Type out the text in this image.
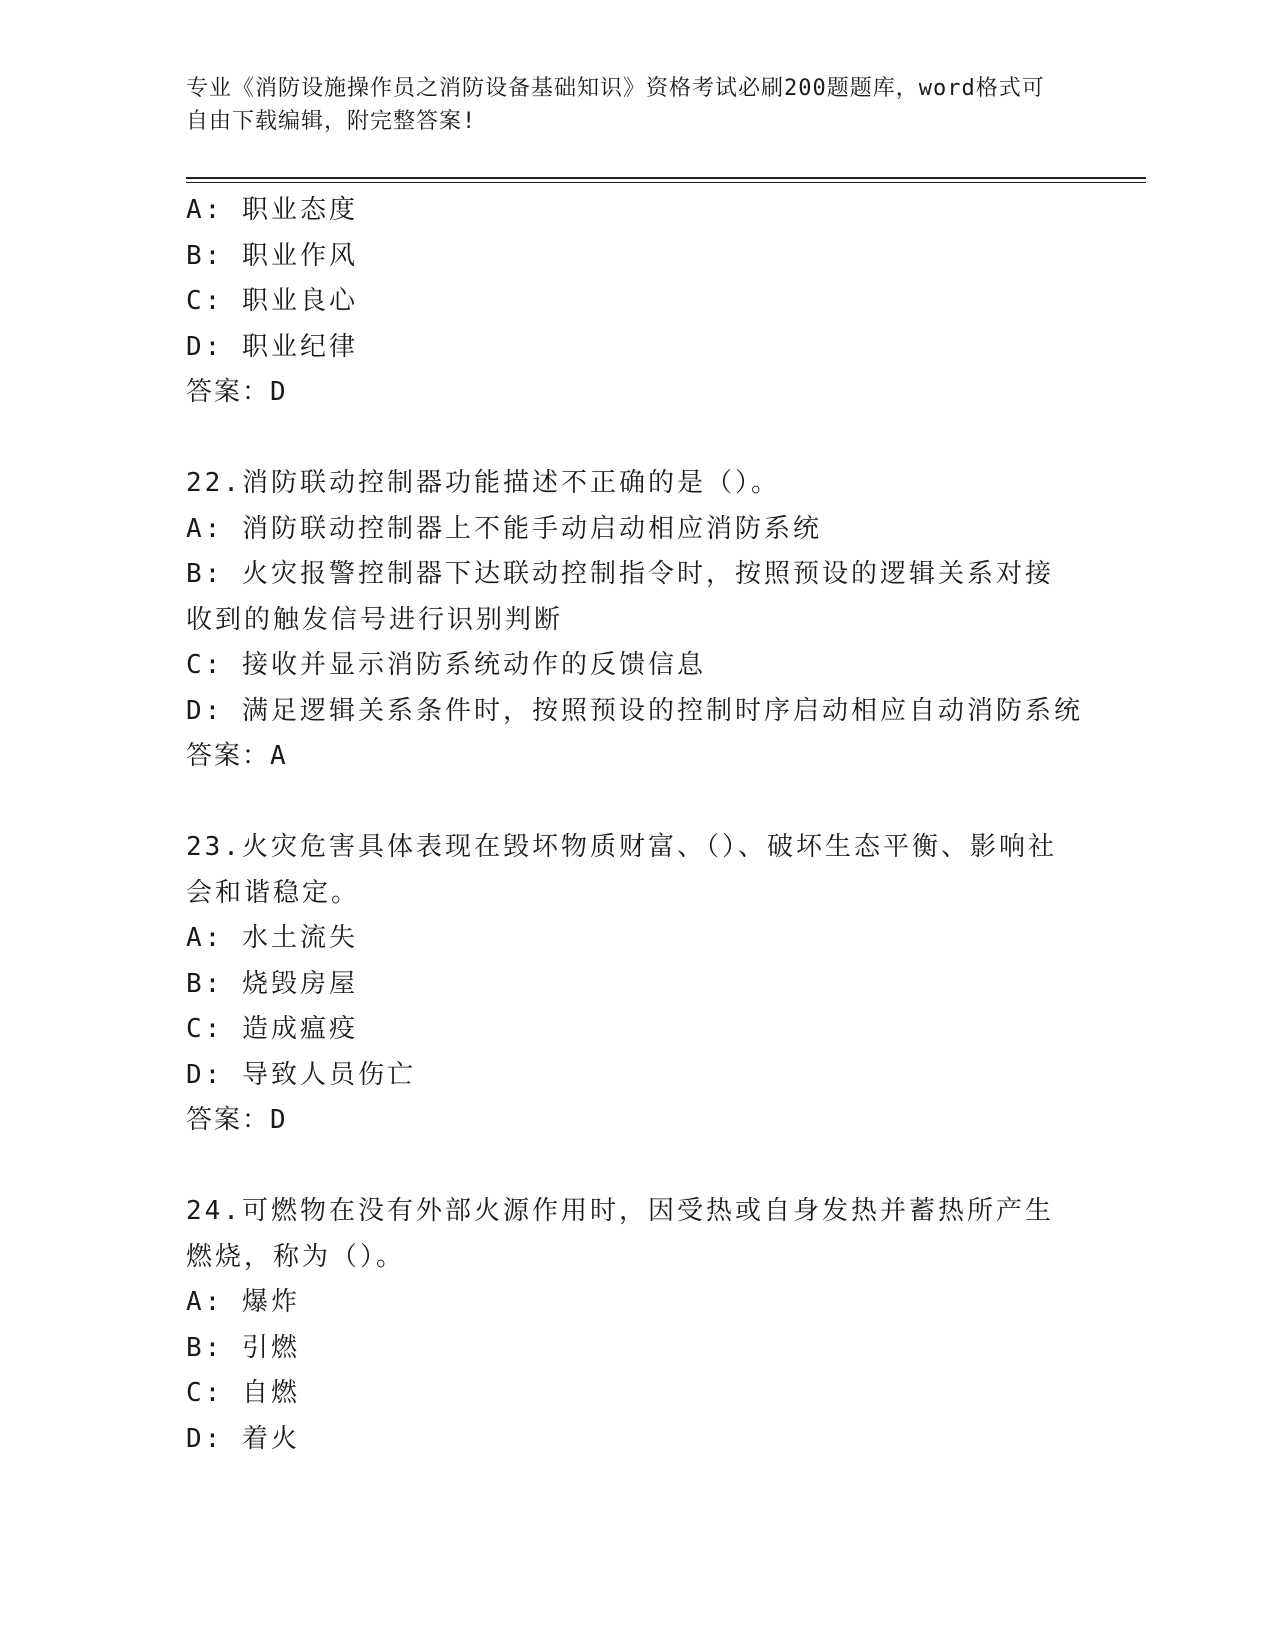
专业《消防设施操作员之消防设备基础知识》资格考试必刷200题题库，word格式可自由下载编辑，附完整答案!
A: 职业态度
B: 职业作风
C: 职业良心
D: 职业纪律
答案：D
22.消防联动控制器功能描述不正确的是（）。
A: 消防联动控制器上不能手动启动相应消防系统
B: 火灾报警控制器下达联动控制指令时，按照预设的逻辑关系对接收到的触发信号进行识别判断
C: 接收并显示消防系统动作的反馈信息
D: 满足逻辑关系条件时，按照预设的控制时序启动相应自动消防系统
答案：A
23.火灾危害具体表现在毁坏物质财富、（）、破坏生态平衡、影响社会和谐稳定。
A: 水土流失
B: 烧毁房屋
C: 造成瘟疫
D: 导致人员伤亡
答案：D
24.可燃物在没有外部火源作用时，因受热或自身发热并蓄热所产生燃烧，称为（）。
A: 爆炸
B: 引燃
C: 自燃
D: 着火
